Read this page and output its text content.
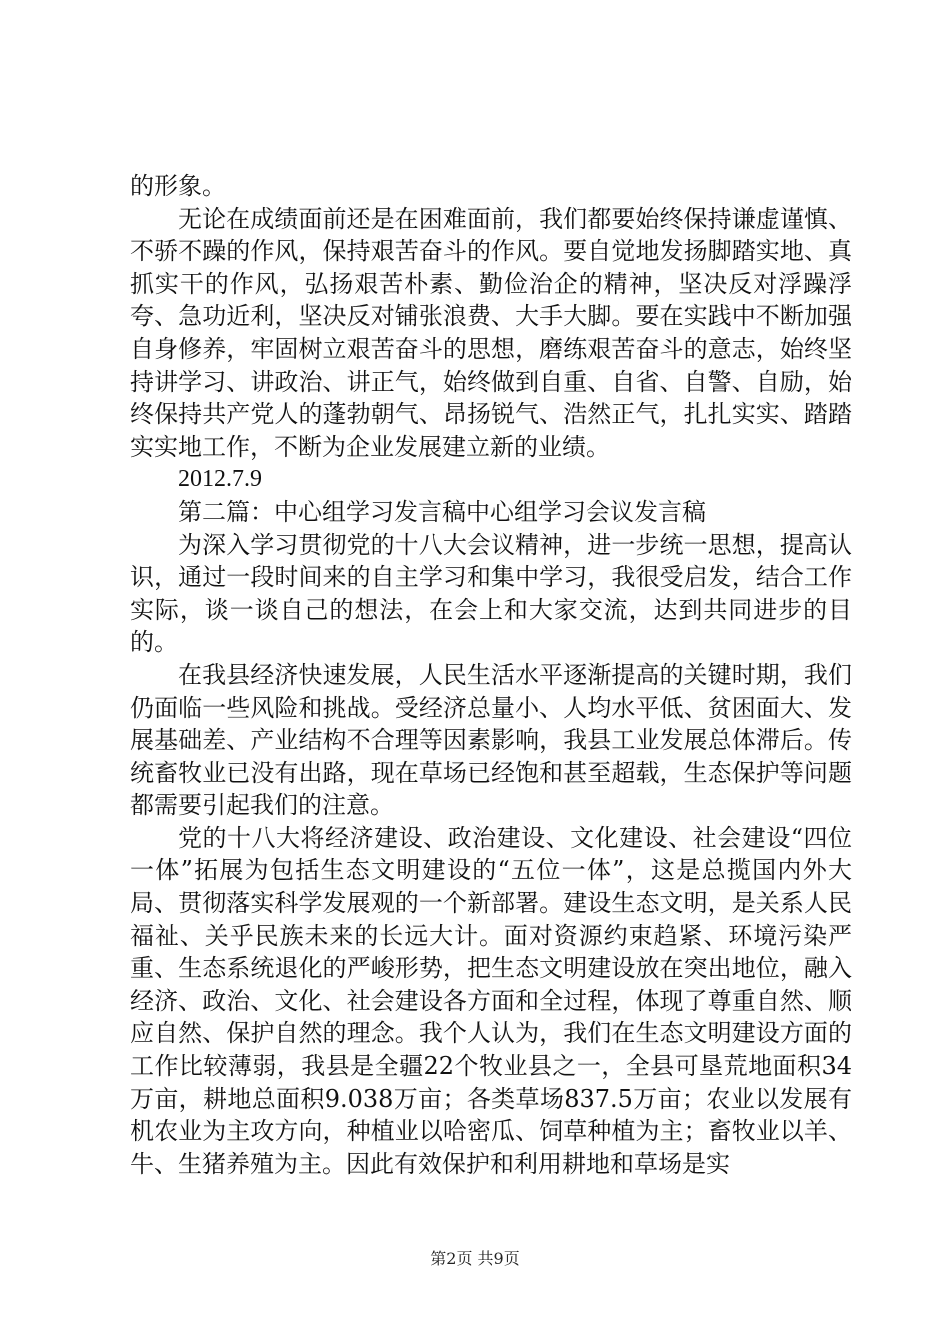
的形象。

无论在成绩面前还是在困难面前，我们都要始终保持谦虚谨慎、不骄不躁的作风，保持艰苦奋斗的作风。要自觉地发扬脚踏实地、真抓实干的作风，弘扬艰苦朴素、勤俭治企的精神，坚决反对浮躁浮夸、急功近利，坚决反对铺张浪费、大手大脚。要在实践中不断加强自身修养，牢固树立艰苦奋斗的思想，磨练艰苦奋斗的意志，始终坚持讲学习、讲政治、讲正气，始终做到自重、自省、自警、自励，始终保持共产党人的蓬勃朝气、昂扬锐气、浩然正气，扎扎实实、踏踏实实地工作，不断为企业发展建立新的业绩。

2012.7.9

第二篇：中心组学习发言稿中心组学习会议发言稿

为深入学习贯彻党的十八大会议精神，进一步统一思想，提高认识，通过一段时间来的自主学习和集中学习，我很受启发，结合工作实际，谈一谈自己的想法，在会上和大家交流，达到共同进步的目的。

在我县经济快速发展，人民生活水平逐渐提高的关键时期，我们仍面临一些风险和挑战。受经济总量小、人均水平低、贫困面大、发展基础差、产业结构不合理等因素影响，我县工业发展总体滞后。传统畜牧业已没有出路，现在草场已经饱和甚至超载，生态保护等问题都需要引起我们的注意。

党的十八大将经济建设、政治建设、文化建设、社会建设“四位一体”拓展为包括生态文明建设的“五位一体”，这是总揽国内外大局、贯彻落实科学发展观的一个新部署。建设生态文明，是关系人民福祉、关乎民族未来的长远大计。面对资源约束趋紧、环境污染严重、生态系统退化的严峻形势，把生态文明建设放在突出地位，融入经济、政治、文化、社会建设各方面和全过程，体现了尊重自然、顺应自然、保护自然的理念。我个人认为，我们在生态文明建设方面的工作比较薄弱，我县是全疆22个牧业县之一，全县可垦荒地面积34万亩，耕地总面积9.038万亩；各类草场837.5万亩；农业以发展有机农业为主攻方向，种植业以哈密瓜、饲草种植为主；畜牧业以羊、牛、生猪养殖为主。因此有效保护和利用耕地和草场是实

第2页 共9页
